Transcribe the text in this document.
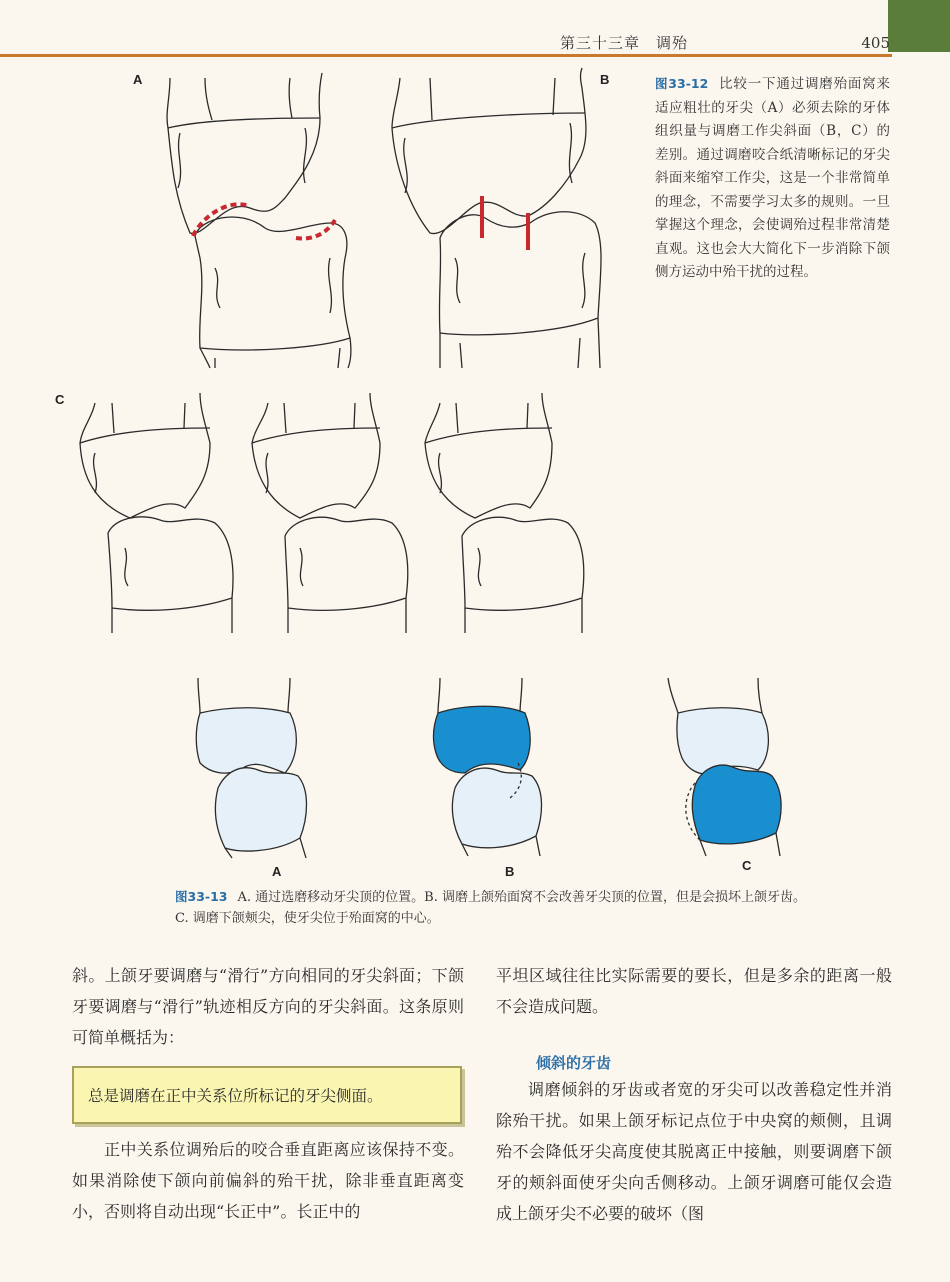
第三十三章　调殆	405
A	B
C
A	B	C
图33-12 比较一下通过调磨殆面窝来适应粗壮的牙尖（A）必须去除的牙体组织量与调磨工作尖斜面（B，C）的差别。通过调磨咬合纸清晰标记的牙尖斜面来缩窄工作尖，这是一个非常简单的理念，不需要学习太多的规则。一旦掌握这个理念，会使调殆过程非常清楚直观。这也会大大简化下一步消除下颌侧方运动中殆干扰的过程。
图33-13 A. 通过选磨移动牙尖顶的位置。B. 调磨上颌殆面窝不会改善牙尖顶的位置，但是会损坏上颌牙齿。C. 调磨下颌颊尖，使牙尖位于殆面窝的中心。
斜。上颌牙要调磨与“滑行”方向相同的牙尖斜面；下颌牙要调磨与“滑行”轨迹相反方向的牙尖斜面。这条原则可简单概括为：
总是调磨在正中关系位所标记的牙尖侧面。
正中关系位调殆后的咬合垂直距离应该保持不变。如果消除使下颌向前偏斜的殆干扰，除非垂直距离变小，否则将自动出现“长正中”。长正中的
平坦区域往往比实际需要的要长，但是多余的距离一般不会造成问题。
倾斜的牙齿
调磨倾斜的牙齿或者宽的牙尖可以改善稳定性并消除殆干扰。如果上颌牙标记点位于中央窝的颊侧，且调殆不会降低牙尖高度使其脱离正中接触，则要调磨下颌牙的颊斜面使牙尖向舌侧移动。上颌牙调磨可能仅会造成上颌牙尖不必要的破坏（图
